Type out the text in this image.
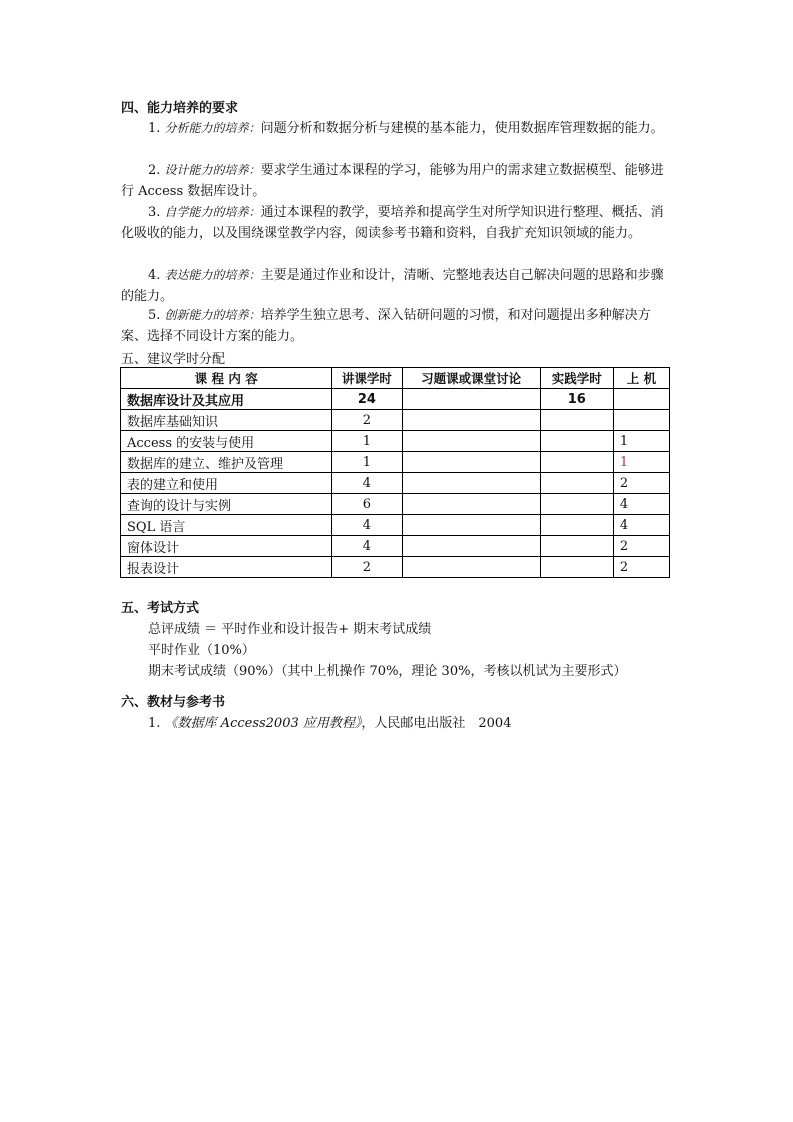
四、能力培养的要求
1. 分析能力的培养：问题分析和数据分析与建模的基本能力，使用数据库管理数据的能力。
2. 设计能力的培养：要求学生通过本课程的学习，能够为用户的需求建立数据模型、能够进行 Access 数据库设计。
3. 自学能力的培养：通过本课程的教学，要培养和提高学生对所学知识进行整理、概括、消化吸收的能力，以及围绕课堂教学内容，阅读参考书籍和资料，自我扩充知识领域的能力。
4. 表达能力的培养：主要是通过作业和设计，清晰、完整地表达自己解决问题的思路和步骤的能力。
5. 创新能力的培养：培养学生独立思考、深入钻研问题的习惯，和对问题提出多种解决方案、选择不同设计方案的能力。
五、建议学时分配
课 程 内 容	讲课学时	习题课或课堂讨论	实践学时	上 机
数据库设计及其应用	24		16	
数据库基础知识	2			
Access 的安装与使用	1			1
数据库的建立、维护及管理	1			1
表的建立和使用	4			2
查询的设计与实例	6			4
SQL 语言	4			4
窗体设计	4			2
报表设计	2			2
五、考试方式
总评成绩 ＝ 平时作业和设计报告+ 期末考试成绩
平时作业（10%）
期末考试成绩（90%）（其中上机操作 70%，理论 30%，考核以机试为主要形式）
六、教材与参考书
1. 《数据库 Access2003 应用教程》，人民邮电出版社　2004
